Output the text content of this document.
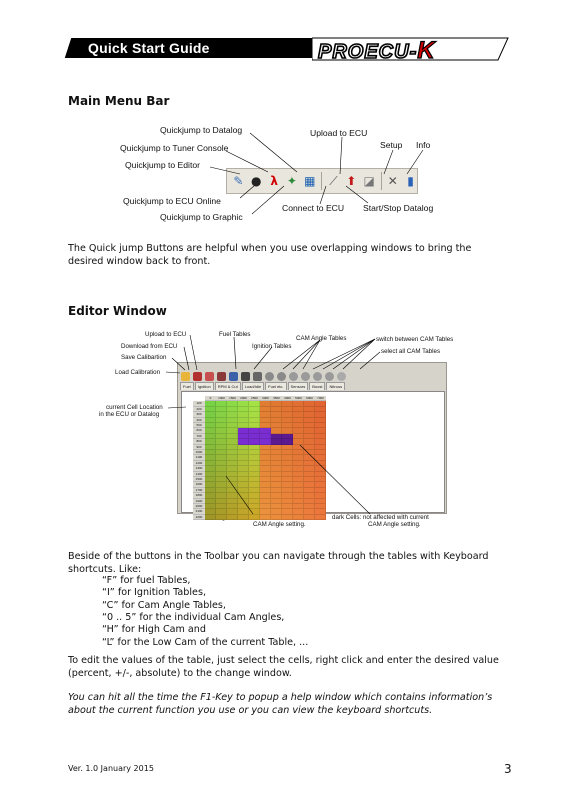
Quick Start Guide	PROECU-K
Main Menu Bar
Quickjump to Datalog
Quickjump to Tuner Console
Quickjump to Editor
Quickjump to ECU Online
Quickjump to Graphic
Upload to ECU
Connect to ECU
Setup Info
Start/Stop Datalog
✎ ● λ ✦ ▦ ⟋ ⬆ ◪ ✕ ▮

The Quick jump Buttons are helpful when you use overlapping windows to bring the desired window back to front.

Editor Window
Upload to ECU
Download from ECU
Save Calibartion
Load Calibration
Fuel Tables
Ignition Tables
CAM Angle Tables	switch between CAM Tables
select all CAM Tables
current Cell Location
in the ECU or Datalog
CAM Angle setting.
dark Cells: not affected with current
CAM Angle setting.
Fuel	Ignition	RPM & Cut	Load/Idle	Fuel etc.	Sensors	Boost	Nitrous
0	1000	1500	2000	2500	3000	3500	4000	5000	6000	7000
100
200
300
400
500
600
700
800
900
1000
1100
1200
1300
1400
1500
1600
1700
1800
1900
2000
2100
2200

Beside of the buttons in the Toolbar you can navigate through the tables with Keyboard shortcuts. Like:

“F” for fuel Tables,
“I” for Ignition Tables,
“C” for Cam Angle Tables,
“0 .. 5” for the individual Cam Angles,
“H” for High Cam and
“L” for the Low Cam of the current Table, ...

To edit the values of the table, just select the cells, right click and enter the desired value (percent, +/-, absolute) to the change window.

You can hit all the time the F1-Key to popup a help window which contains information’s about the current function you use or you can view the keyboard shortcuts.

Ver. 1.0 January 2015	3
